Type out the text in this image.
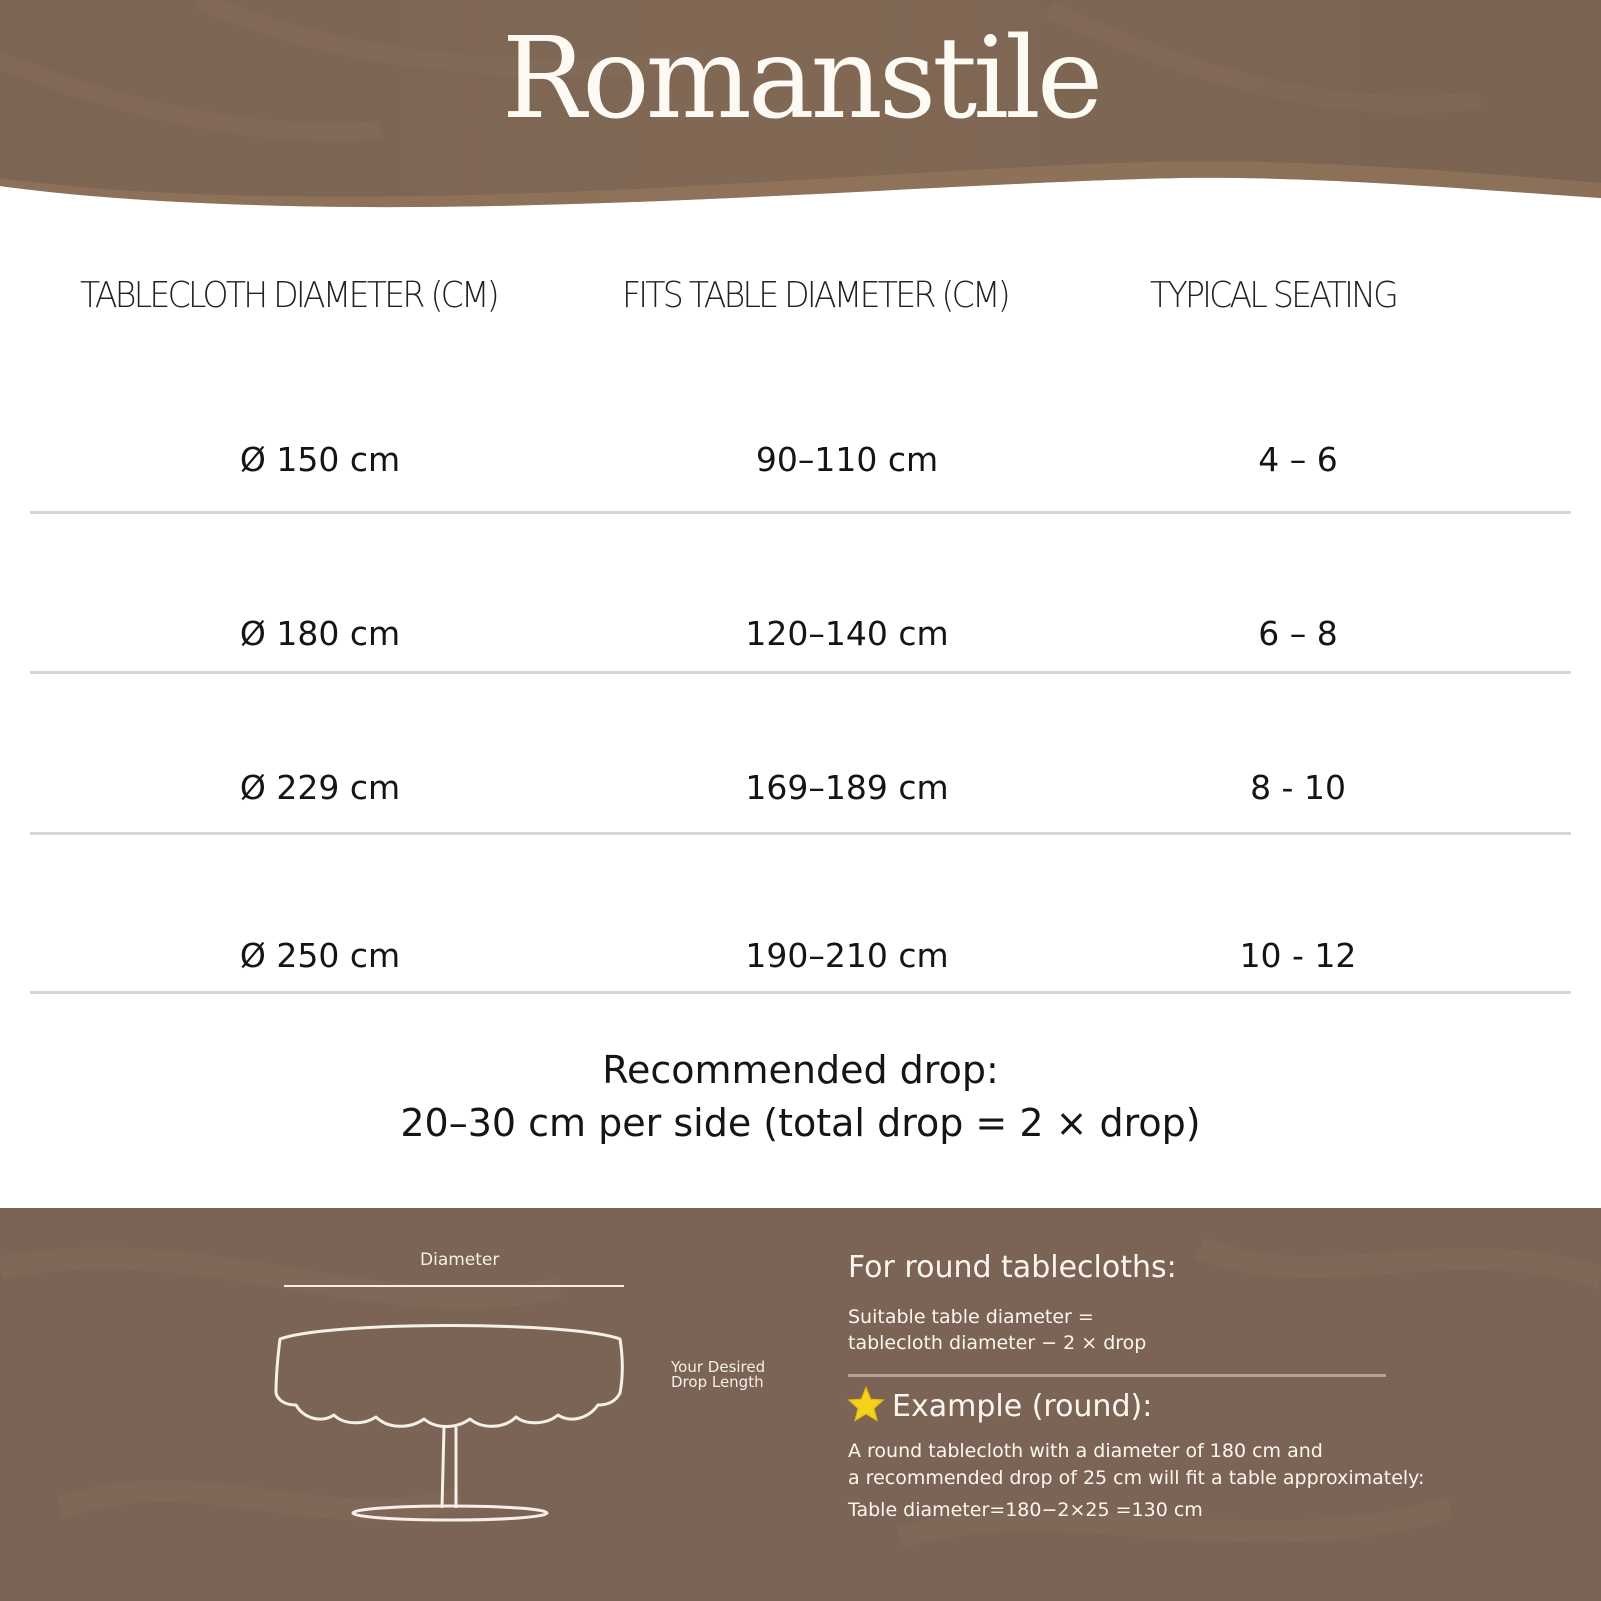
Romanstile
TABLECLOTH DIAMETER (CM)	FITS TABLE DIAMETER (CM)	TYPICAL SEATING
Ø 150 cm	90–110 cm	4 – 6
Ø 180 cm	120–140 cm	6 – 8
Ø 229 cm	169–189 cm	8 - 10
Ø 250 cm	190–210 cm	10 - 12
Recommended drop:
20–30 cm per side (total drop = 2 × drop)
Diameter
Your Desired Drop Length
For round tablecloths:
Suitable table diameter =
tablecloth diameter − 2 × drop
Example (round):
A round tablecloth with a diameter of 180 cm and
a recommended drop of 25 cm will fit a table approximately:
Table diameter=180−2×25 =130 cm
